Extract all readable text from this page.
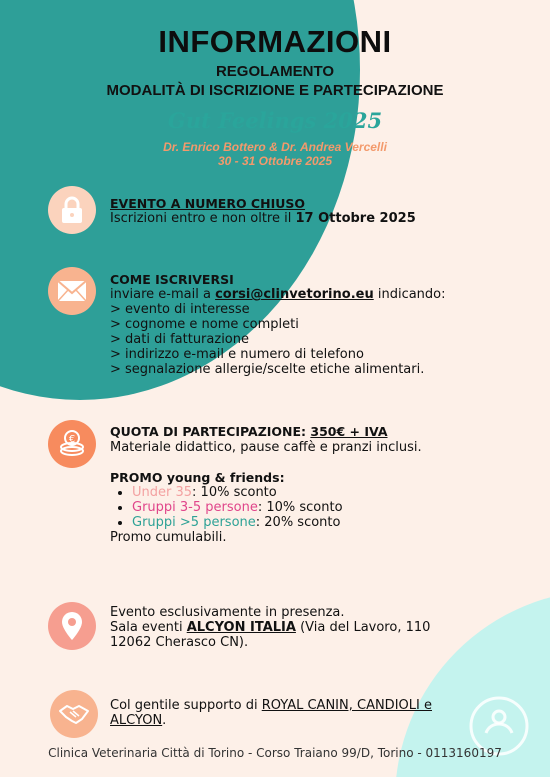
INFORMAZIONI
REGOLAMENTO
MODALITÀ DI ISCRIZIONE E PARTECIPAZIONE
Gut Feelings 2025
Dr. Enrico Bottero & Dr. Andrea Vercelli
30 - 31 Ottobre 2025
EVENTO A NUMERO CHIUSO
Iscrizioni entro e non oltre il 17 Ottobre 2025
COME ISCRIVERSI
inviare e-mail a corsi@clinvetorino.eu indicando:
> evento di interesse
> cognome e nome completi
> dati di fatturazione
> indirizzo e-mail e numero di telefono
> segnalazione allergie/scelte etiche alimentari.
€
QUOTA DI PARTECIPAZIONE: 350€ + IVA
Materiale didattico, pause caffè e pranzi inclusi.
PROMO young & friends:
• Under 35: 10% sconto
• Gruppi 3-5 persone: 10% sconto
• Gruppi >5 persone: 20% sconto
Promo cumulabili.
Evento esclusivamente in presenza.
Sala eventi ALCYON ITALIA (Via del Lavoro, 110
12062 Cherasco CN).
Col gentile supporto di ROYAL CANIN, CANDIOLI e
ALCYON.
Clinica Veterinaria Città di Torino - Corso Traiano 99/D, Torino - 0113160197
